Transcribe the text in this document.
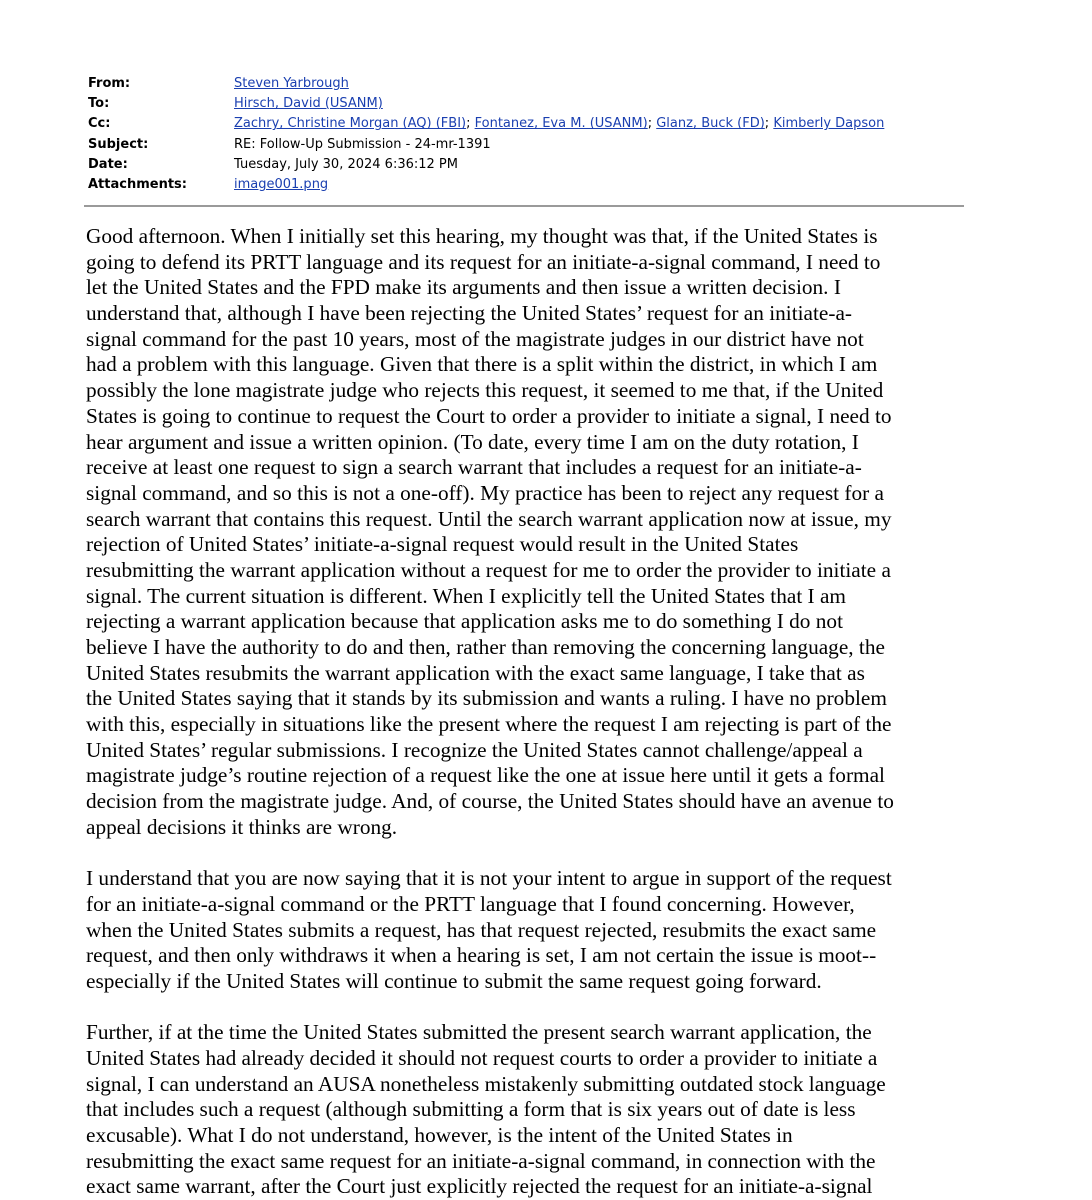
From:	Steven Yarbrough
To:	Hirsch, David (USANM)
Cc:	Zachry, Christine Morgan (AQ) (FBI); Fontanez, Eva M. (USANM); Glanz, Buck (FD); Kimberly Dapson
Subject:	RE: Follow-Up Submission - 24-mr-1391
Date:	Tuesday, July 30, 2024 6:36:12 PM
Attachments:	image001.png
Good afternoon. When I initially set this hearing, my thought was that, if the United States is
going to defend its PRTT language and its request for an initiate-a-signal command, I need to
let the United States and the FPD make its arguments and then issue a written decision. I
understand that, although I have been rejecting the United States’ request for an initiate-a-
signal command for the past 10 years, most of the magistrate judges in our district have not
had a problem with this language. Given that there is a split within the district, in which I am
possibly the lone magistrate judge who rejects this request, it seemed to me that, if the United
States is going to continue to request the Court to order a provider to initiate a signal, I need to
hear argument and issue a written opinion. (To date, every time I am on the duty rotation, I
receive at least one request to sign a search warrant that includes a request for an initiate-a-
signal command, and so this is not a one-off). My practice has been to reject any request for a
search warrant that contains this request. Until the search warrant application now at issue, my
rejection of United States’ initiate-a-signal request would result in the United States
resubmitting the warrant application without a request for me to order the provider to initiate a
signal. The current situation is different. When I explicitly tell the United States that I am
rejecting a warrant application because that application asks me to do something I do not
believe I have the authority to do and then, rather than removing the concerning language, the
United States resubmits the warrant application with the exact same language, I take that as
the United States saying that it stands by its submission and wants a ruling. I have no problem
with this, especially in situations like the present where the request I am rejecting is part of the
United States’ regular submissions. I recognize the United States cannot challenge/appeal a
magistrate judge’s routine rejection of a request like the one at issue here until it gets a formal
decision from the magistrate judge. And, of course, the United States should have an avenue to
appeal decisions it thinks are wrong.
I understand that you are now saying that it is not your intent to argue in support of the request
for an initiate-a-signal command or the PRTT language that I found concerning. However,
when the United States submits a request, has that request rejected, resubmits the exact same
request, and then only withdraws it when a hearing is set, I am not certain the issue is moot--
especially if the United States will continue to submit the same request going forward.
Further, if at the time the United States submitted the present search warrant application, the
United States had already decided it should not request courts to order a provider to initiate a
signal, I can understand an AUSA nonetheless mistakenly submitting outdated stock language
that includes such a request (although submitting a form that is six years out of date is less
excusable). What I do not understand, however, is the intent of the United States in
resubmitting the exact same request for an initiate-a-signal command, in connection with the
exact same warrant, after the Court just explicitly rejected the request for an initiate-a-signal
